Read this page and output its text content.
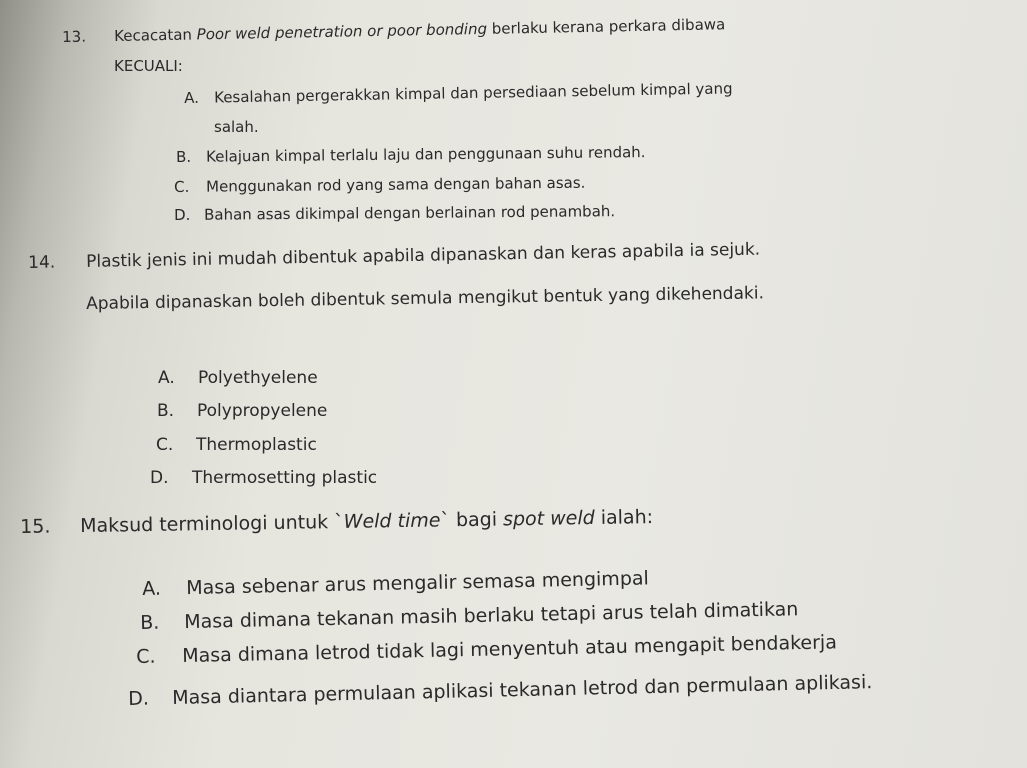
13. Kecacatan Poor weld penetration or poor bonding berlaku kerana perkara dibawa
KECUALI:
A. Kesalahan pergerakkan kimpal dan persediaan sebelum kimpal yang
salah.
B. Kelajuan kimpal terlalu laju dan penggunaan suhu rendah.
C. Menggunakan rod yang sama dengan bahan asas.
D. Bahan asas dikimpal dengan berlainan rod penambah.
14. Plastik jenis ini mudah dibentuk apabila dipanaskan dan keras apabila ia sejuk.
Apabila dipanaskan boleh dibentuk semula mengikut bentuk yang dikehendaki.
A. Polyethyelene
B. Polypropyelene
C. Thermoplastic
D. Thermosetting plastic
15. Maksud terminologi untuk `Weld time` bagi spot weld ialah:
A. Masa sebenar arus mengalir semasa mengimpal
B. Masa dimana tekanan masih berlaku tetapi arus telah dimatikan
C. Masa dimana letrod tidak lagi menyentuh atau mengapit bendakerja
D. Masa diantara permulaan aplikasi tekanan letrod dan permulaan aplikasi.
